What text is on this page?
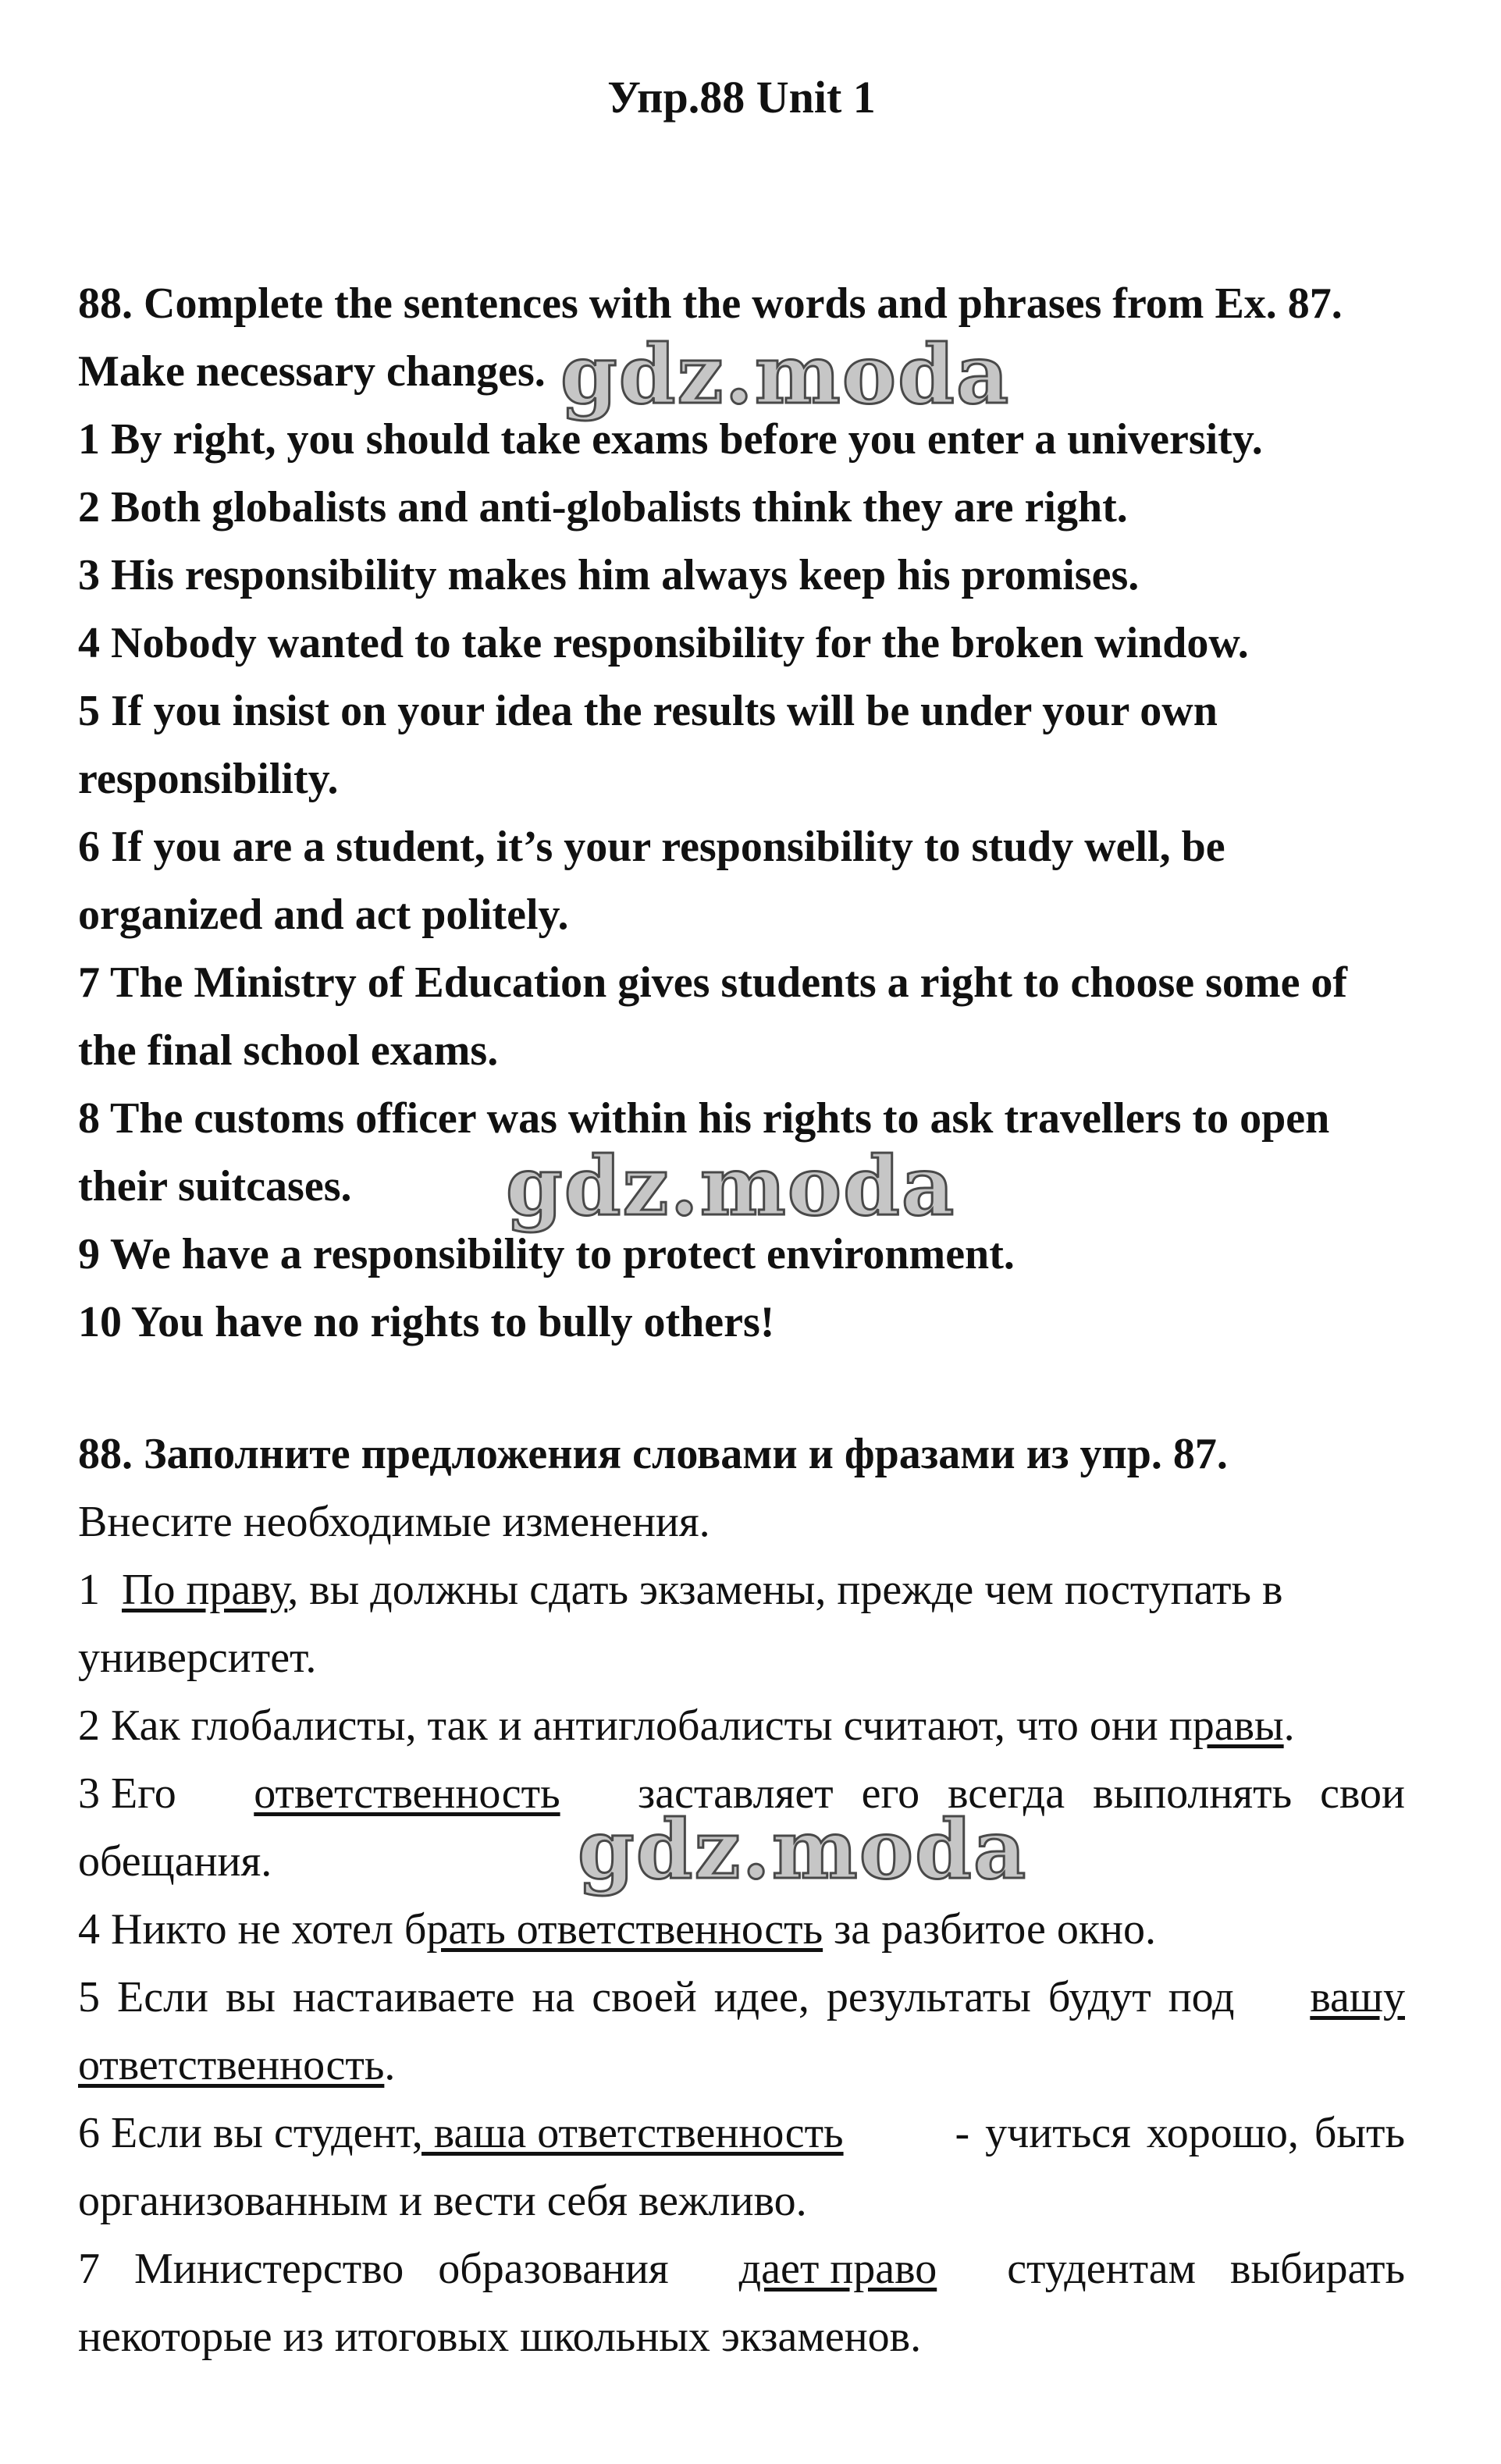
Упр.88 Unit 1
88. Complete the sentences with the words and phrases from Ex. 87.
Make necessary changes.
1 By right, you should take exams before you enter a university.
2 Both globalists and anti-globalists think they are right.
3 His responsibility makes him always keep his promises.
4 Nobody wanted to take responsibility for the broken window.
5 If you insist on your idea the results will be under your own
responsibility.
6 If you are a student, it’s your responsibility to study well, be
organized and act politely.
7 The Ministry of Education gives students a right to choose some of
the final school exams.
8 The customs officer was within his rights to ask travellers to open
their suitcases.
9 We have a responsibility to protect environment.
10 You have no rights to bully others!
88. Заполните предложения словами и фразами из упр. 87.
Внесите необходимые изменения.
1 По праву, вы должны сдать экзамены, прежде чем поступать в
университет.
2 Как глобалисты, так и антиглобалисты считают, что они правы.
3 Его ответственность заставляет его всегда выполнять свои
обещания.
4 Никто не хотел брать ответственность за разбитое окно.
5 Если вы настаиваете на своей идее, результаты будут под вашу
ответственность.
6 Если вы студент, ваша ответственность	- учиться хорошо, быть
организованным и вести себя вежливо.
7 Министерство образования дает право студентам выбирать
некоторые из итоговых школьных экзаменов.
gdz.moda
gdz.moda
gdz.moda
